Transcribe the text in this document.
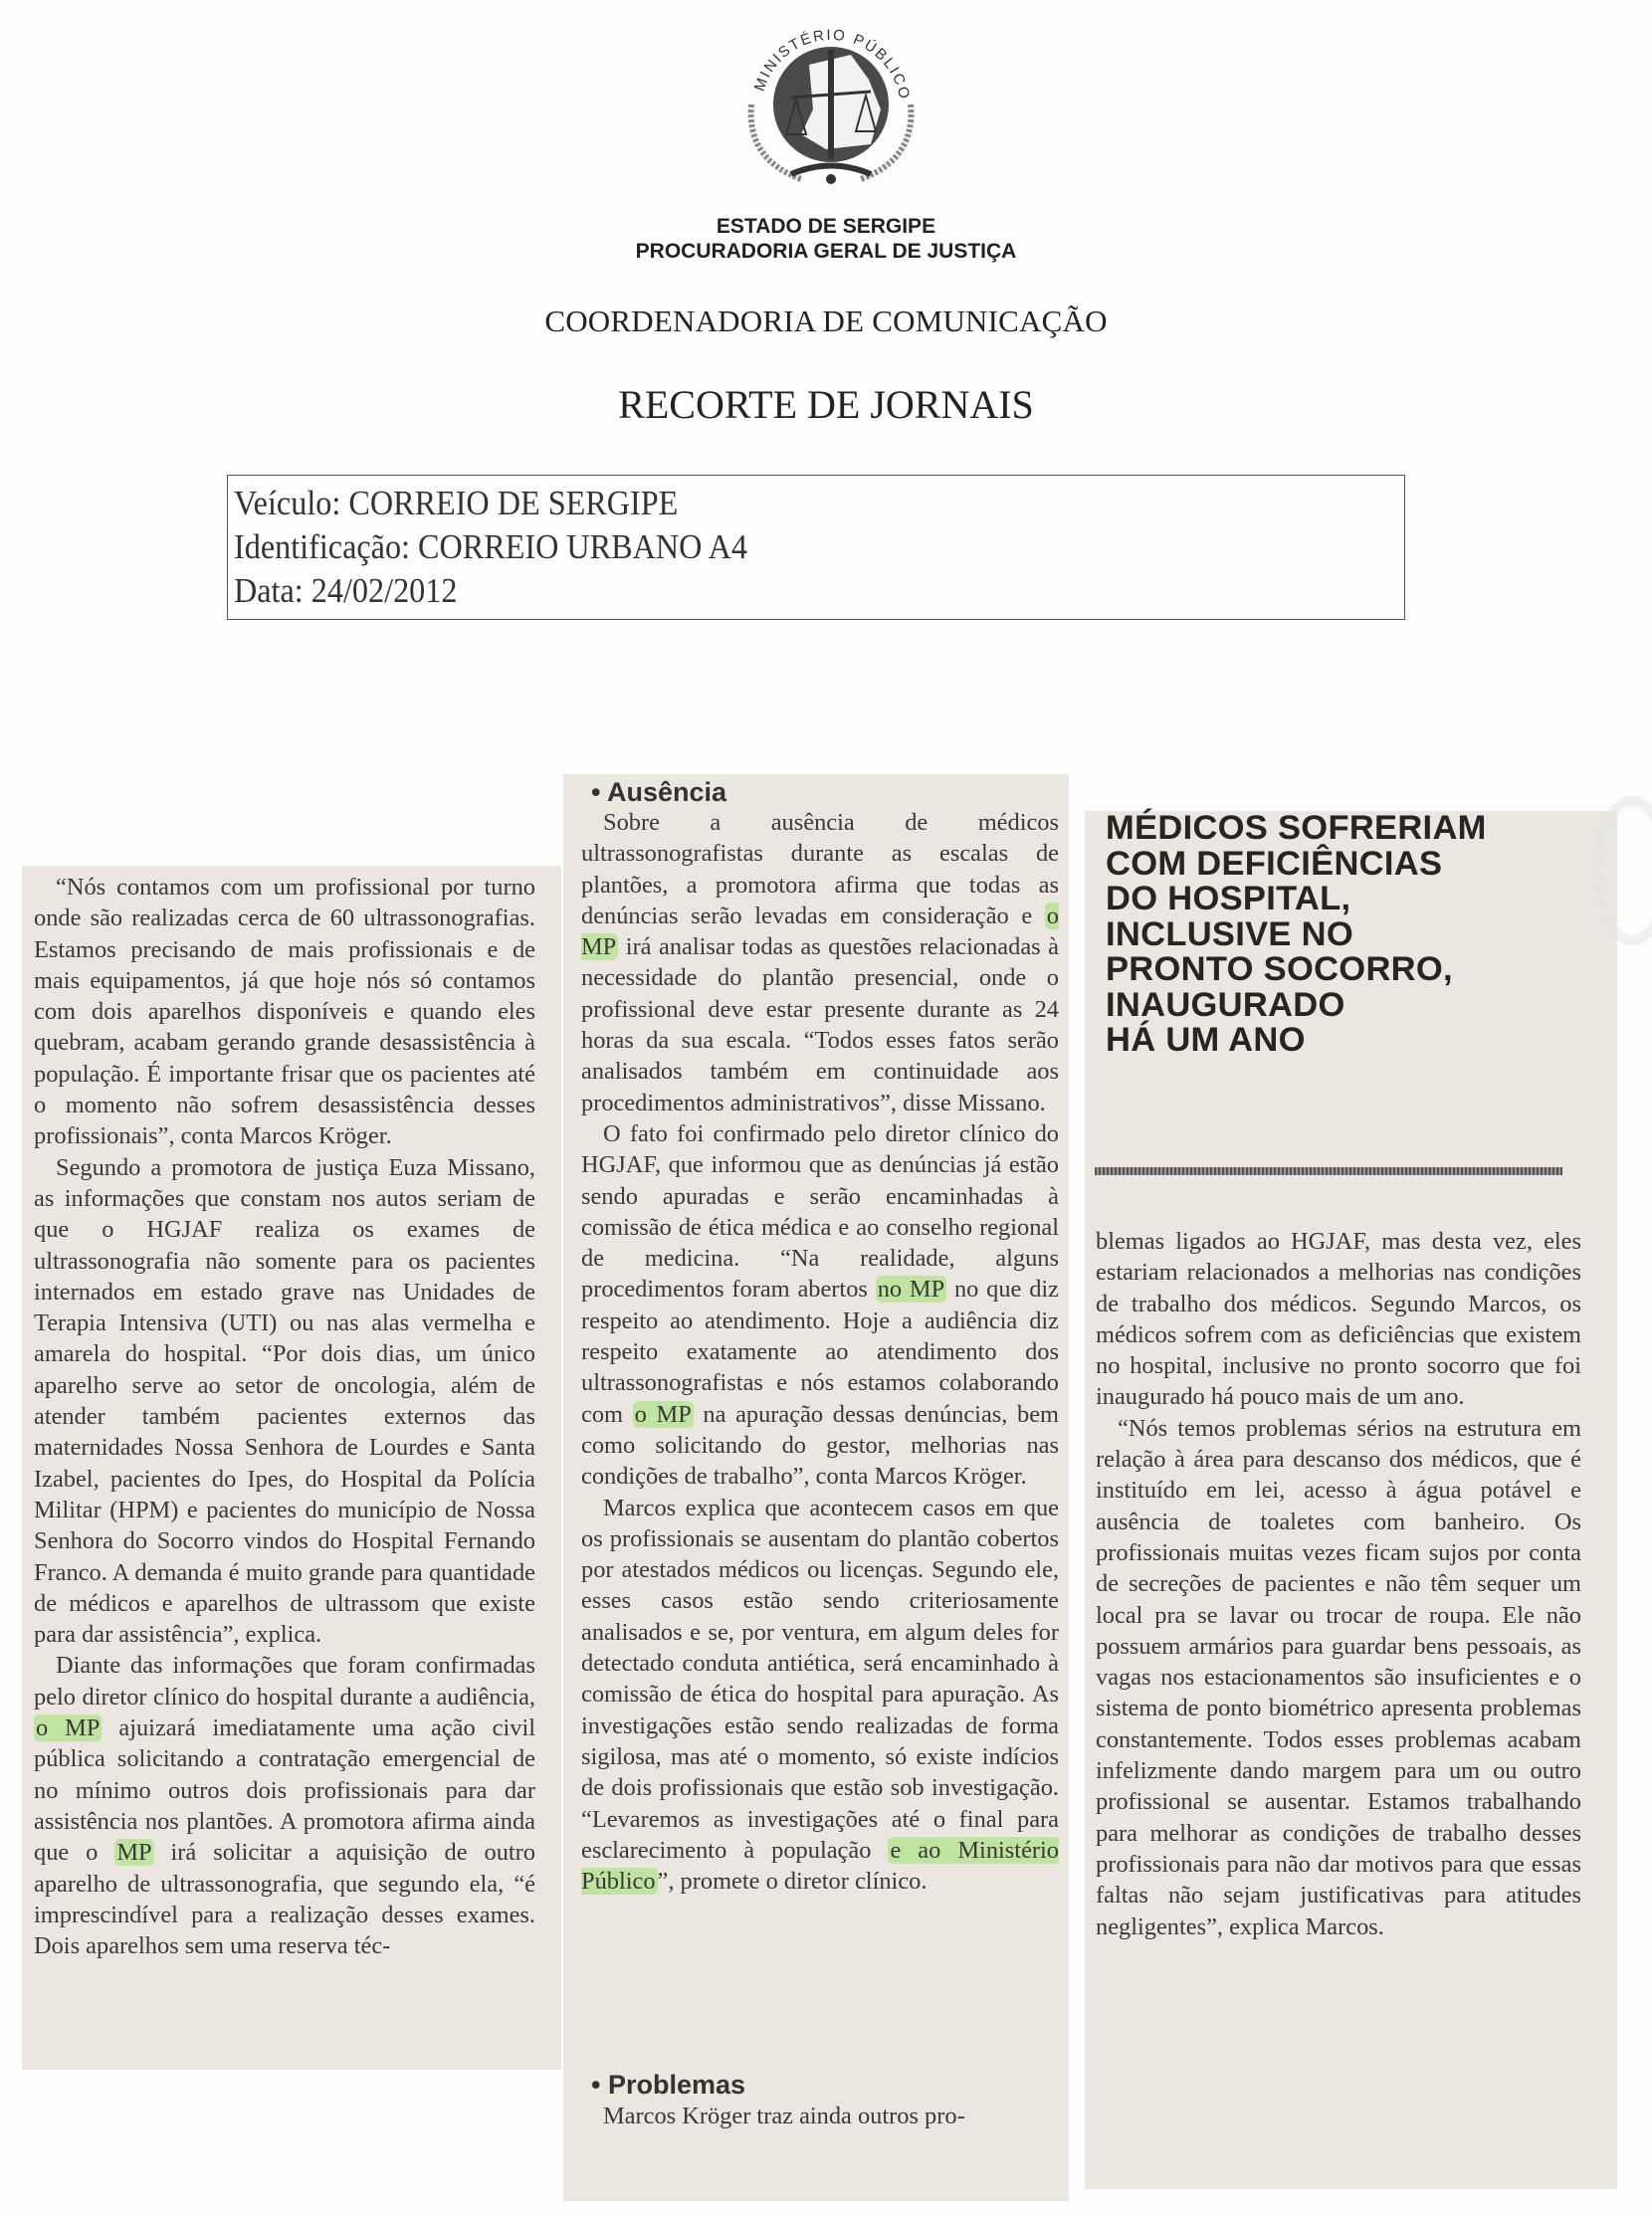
MINISTÉRIO PÚBLICO
ESTADO DE SERGIPE
PROCURADORIA GERAL DE JUSTIÇA
COORDENADORIA DE COMUNICAÇÃO
RECORTE DE JORNAIS
Veículo: CORREIO DE SERGIPE
Identificação: CORREIO URBANO A4
Data: 24/02/2012

“Nós contamos com um profissional por turno onde são realizadas cerca de 60 ultrassonografias. Estamos precisando de mais profissionais e de mais equipamentos, já que hoje nós só contamos com dois aparelhos disponíveis e quando eles quebram, acabam gerando grande desassistência à população. É importante frisar que os pacientes até o momento não sofrem desassistência desses profissionais”, conta Marcos Kröger.

Segundo a promotora de justiça Euza Missano, as informações que constam nos autos seriam de que o HGJAF realiza os exames de ultrassonografia não somente para os pacientes internados em estado grave nas Unidades de Terapia Intensiva (UTI) ou nas alas vermelha e amarela do hospital. “Por dois dias, um único aparelho serve ao setor de oncologia, além de atender também pacientes externos das maternidades Nossa Senhora de Lourdes e Santa Izabel, pacientes do Ipes, do Hospital da Polícia Militar (HPM) e pacientes do município de Nossa Senhora do Socorro vindos do Hospital Fernando Franco. A demanda é muito grande para quantidade de médicos e aparelhos de ultrassom que existe para dar assistência”, explica.

Diante das informações que foram confirmadas pelo diretor clínico do hospital durante a audiência, o MP ajuizará imediatamente uma ação civil pública solicitando a contratação emergencial de no mínimo outros dois profissionais para dar assistência nos plantões. A promotora afirma ainda que o MP irá solicitar a aquisição de outro aparelho de ultrassonografia, que segundo ela, “é imprescindível para a realização desses exames. Dois aparelhos sem uma reserva téc-

• Ausência

Sobre a ausência de médicos ultrassonografistas durante as escalas de plantões, a promotora afirma que todas as denúncias serão levadas em consideração e o MP irá analisar todas as questões relacionadas à necessidade do plantão presencial, onde o profissional deve estar presente durante as 24 horas da sua escala. “Todos esses fatos serão analisados também em continuidade aos procedimentos administrativos”, disse Missano.

O fato foi confirmado pelo diretor clínico do HGJAF, que informou que as denúncias já estão sendo apuradas e serão encaminhadas à comissão de ética médica e ao conselho regional de medicina. “Na realidade, alguns procedimentos foram abertos no MP no que diz respeito ao atendimento. Hoje a audiência diz respeito exatamente ao atendimento dos ultrassonografistas e nós estamos colaborando com o MP na apuração dessas denúncias, bem como solicitando do gestor, melhorias nas condições de trabalho”, conta Marcos Kröger.

Marcos explica que acontecem casos em que os profissionais se ausentam do plantão cobertos por atestados médicos ou licenças. Segundo ele, esses casos estão sendo criteriosamente analisados e se, por ventura, em algum deles for detectado conduta antiética, será encaminhado à comissão de ética do hospital para apuração. As investigações estão sendo realizadas de forma sigilosa, mas até o momento, só existe indícios de dois profissionais que estão sob investigação. “Levaremos as investigações até o final para esclarecimento à população e ao Ministério Público”, promete o diretor clínico.

• Problemas

Marcos Kröger traz ainda outros pro-

MÉDICOS SOFRERIAM
COM DEFICIÊNCIAS
DO HOSPITAL,
INCLUSIVE NO
PRONTO SOCORRO,
INAUGURADO
HÁ UM ANO

blemas ligados ao HGJAF, mas desta vez, eles estariam relacionados a melhorias nas condições de trabalho dos médicos. Segundo Marcos, os médicos sofrem com as deficiências que existem no hospital, inclusive no pronto socorro que foi inaugurado há pouco mais de um ano.

“Nós temos problemas sérios na estrutura em relação à área para descanso dos médicos, que é instituído em lei, acesso à água potável e ausência de toaletes com banheiro. Os profissionais muitas vezes ficam sujos por conta de secreções de pacientes e não têm sequer um local pra se lavar ou trocar de roupa. Ele não possuem armários para guardar bens pessoais, as vagas nos estacionamentos são insuficientes e o sistema de ponto biométrico apresenta problemas constantemente. Todos esses problemas acabam infelizmente dando margem para um ou outro profissional se ausentar. Estamos trabalhando para melhorar as condições de trabalho desses profissionais para não dar motivos para que essas faltas não sejam justificativas para atitudes negligentes”, explica Marcos.
